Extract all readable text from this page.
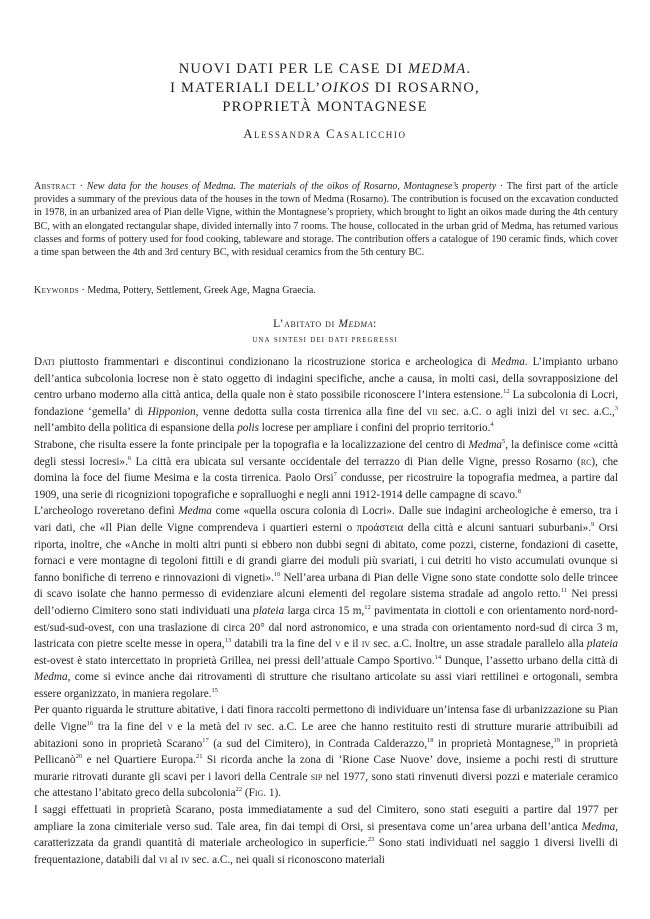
NUOVI DATI PER LE CASE DI MEDMA.
I MATERIALI DELL’OIKOS DI ROSARNO,
PROPRIETÀ MONTAGNESE
Alessandra Casalicchio
Abstract · New data for the houses of Medma. The materials of the oikos of Rosarno, Montagnese’s property · The first part of the article provides a summary of the previous data of the houses in the town of Medma (Rosarno). The contribution is focused on the excavation conducted in 1978, in an urbanized area of Pian delle Vigne, within the Montagnese’s propriety, which brought to light an oikos made during the 4th century BC, with an elongated rectangular shape, divided internally into 7 rooms. The house, collocated in the urban grid of Medma, has returned various classes and forms of pottery used for food cooking, tableware and storage. The contribution offers a catalogue of 190 ceramic finds, which cover a time span between the 4th and 3rd century BC, with residual ceramics from the 5th century BC.
Keywords · Medma, Pottery, Settlement, Greek Age, Magna Graecia.
L’abitato di Medma:
una sintesi dei dati pregressi

Dati piuttosto frammentari e discontinui condizionano la ricostruzione storica e archeologica di Medma. L’impianto urbano dell’antica subcolonia locrese non è stato oggetto di indagini specifiche, anche a causa, in molti casi, della sovrapposizione del centro urbano moderno alla città antica, della quale non è stato possibile riconoscere l’intera estensione.$^{12}$ La subcolonia di Locri, fondazione ‘gemella’ di Hipponion, venne dedotta sulla costa tirrenica alla fine del vii sec. a.C. o agli inizi del vi sec. a.C.,$^3$ nell’ambito della politica di espansione della polis locrese per ampliare i confini del proprio territorio.$^4$

Strabone, che risulta essere la fonte principale per la topografia e la localizzazione del centro di Medma$^5$, la definisce come «città degli stessi locresi».$^6$ La città era ubicata sul versante occidentale del terrazzo di Pian delle Vigne, presso Rosarno (rc), che domina la foce del fiume Mesima e la costa tirrenica. Paolo Orsi$^7$ condusse, per ricostruire la topografia medmea, a partire dal 1909, una serie di ricognizioni topografiche e sopralluoghi e negli anni 1912-1914 delle campagne di scavo.$^8$

L’archeologo roveretano definì Medma come «quella oscura colonia di Locri». Dalle sue indagini archeologiche è emerso, tra i vari dati, che «Il Pian delle Vigne comprendeva i quartieri esterni o προάστεια della città e alcuni santuari suburbani».$^9$ Orsi riporta, inoltre, che «Anche in molti altri punti si ebbero non dubbi segni di abitato, come pozzi, cisterne, fondazioni di casette, fornaci e vere montagne di tegoloni fittili e di grandi giarre dei moduli più svariati, i cui detriti ho visto accumulati ovunque si fanno bonifiche di terreno e rinnovazioni di vigneti».$^{10}$ Nell’area urbana di Pian delle Vigne sono state condotte solo delle trincee di scavo isolate che hanno permesso di evidenziare alcuni elementi del regolare sistema stradale ad angolo retto.$^{11}$ Nei pressi dell’odierno Cimitero sono stati individuati una plateia larga circa 15 m,$^{12}$ pavimentata in ciottoli e con orientamento nord-nord-est/sud-sud-ovest, con una traslazione di circa 20° dal nord astronomico, e una strada con orientamento nord-sud di circa 3 m, lastricata con pietre scelte messe in opera,$^{13}$ databili tra la fine del v e il iv sec. a.C. Inoltre, un asse stradale parallelo alla plateia est-ovest è stato intercettato in proprietà Grillea, nei pressi dell’attuale Campo Sportivo.$^{14}$ Dunque, l’assetto urbano della città di Medma, come si evince anche dai ritrovamenti di strutture che risultano articolate su assi viari rettilinei e ortogonali, sembra essere organizzato, in maniera regolare.$^{15}$

Per quanto riguarda le strutture abitative, i dati finora raccolti permettono di individuare un’intensa fase di urbanizzazione su Pian delle Vigne$^{16}$ tra la fine del v e la metà del iv sec. a.C. Le aree che hanno restituito resti di strutture murarie attribuibili ad abitazioni sono in proprietà Scarano$^{17}$ (a sud del Cimitero), in Contrada Calderazzo,$^{18}$ in proprietà Montagnese,$^{19}$ in proprietà Pellicanò$^{20}$ e nel Quartiere Europa.$^{21}$ Si ricorda anche la zona di ‘Rione Case Nuove’ dove, insieme a pochi resti di strutture murarie ritrovati durante gli scavi per i lavori della Centrale sip nel 1977, sono stati rinvenuti diversi pozzi e materiale ceramico che attestano l’abitato greco della subcolonia$^{22}$ (Fig. 1).

I saggi effettuati in proprietà Scarano, posta immediatamente a sud del Cimitero, sono stati eseguiti a partire dal 1977 per ampliare la zona cimiteriale verso sud. Tale area, fin dai tempi di Orsi, si presentava come un’area urbana dell’antica Medma, caratterizzata da grandi quantità di materiale archeologico in superficie.$^{23}$ Sono stati individuati nel saggio 1 diversi livelli di frequentazione, databili dal vi al iv sec. a.C., nei quali si riconoscono materiali
